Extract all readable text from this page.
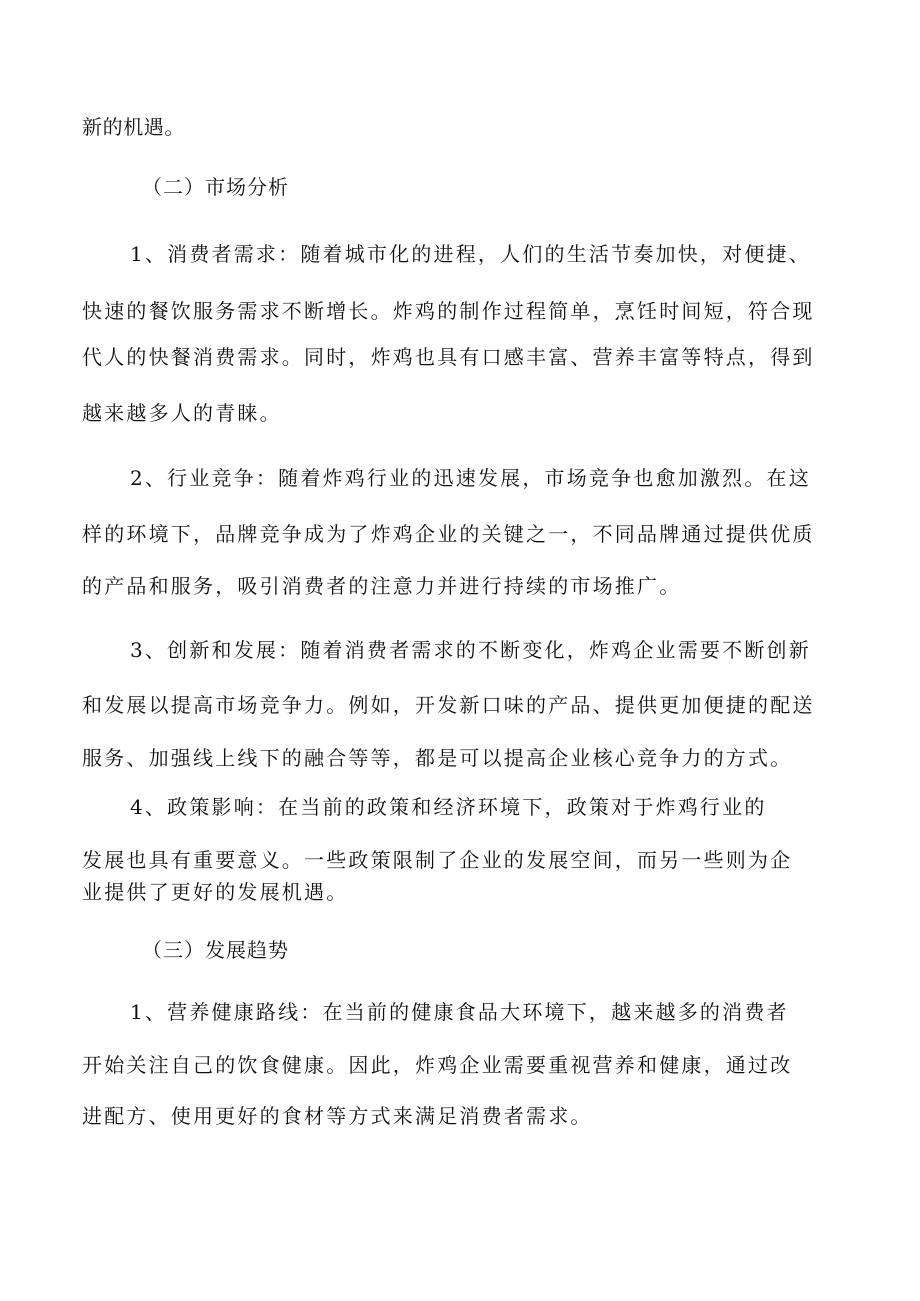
新的机遇。
（二）市场分析
1、消费者需求：随着城市化的进程，人们的生活节奏加快，对便捷、
快速的餐饮服务需求不断增长。炸鸡的制作过程简单，烹饪时间短，符合现
代人的快餐消费需求。同时，炸鸡也具有口感丰富、营养丰富等特点，得到
越来越多人的青睐。
2、行业竞争：随着炸鸡行业的迅速发展，市场竞争也愈加激烈。在这
样的环境下，品牌竞争成为了炸鸡企业的关键之一，不同品牌通过提供优质
的产品和服务，吸引消费者的注意力并进行持续的市场推广。
3、创新和发展：随着消费者需求的不断变化，炸鸡企业需要不断创新
和发展以提高市场竞争力。例如，开发新口味的产品、提供更加便捷的配送
服务、加强线上线下的融合等等，都是可以提高企业核心竞争力的方式。
4、政策影响：在当前的政策和经济环境下，政策对于炸鸡行业的
发展也具有重要意义。一些政策限制了企业的发展空间，而另一些则为企
业提供了更好的发展机遇。
（三）发展趋势
1、营养健康路线：在当前的健康食品大环境下，越来越多的消费者
开始关注自己的饮食健康。因此，炸鸡企业需要重视营养和健康，通过改
进配方、使用更好的食材等方式来满足消费者需求。
